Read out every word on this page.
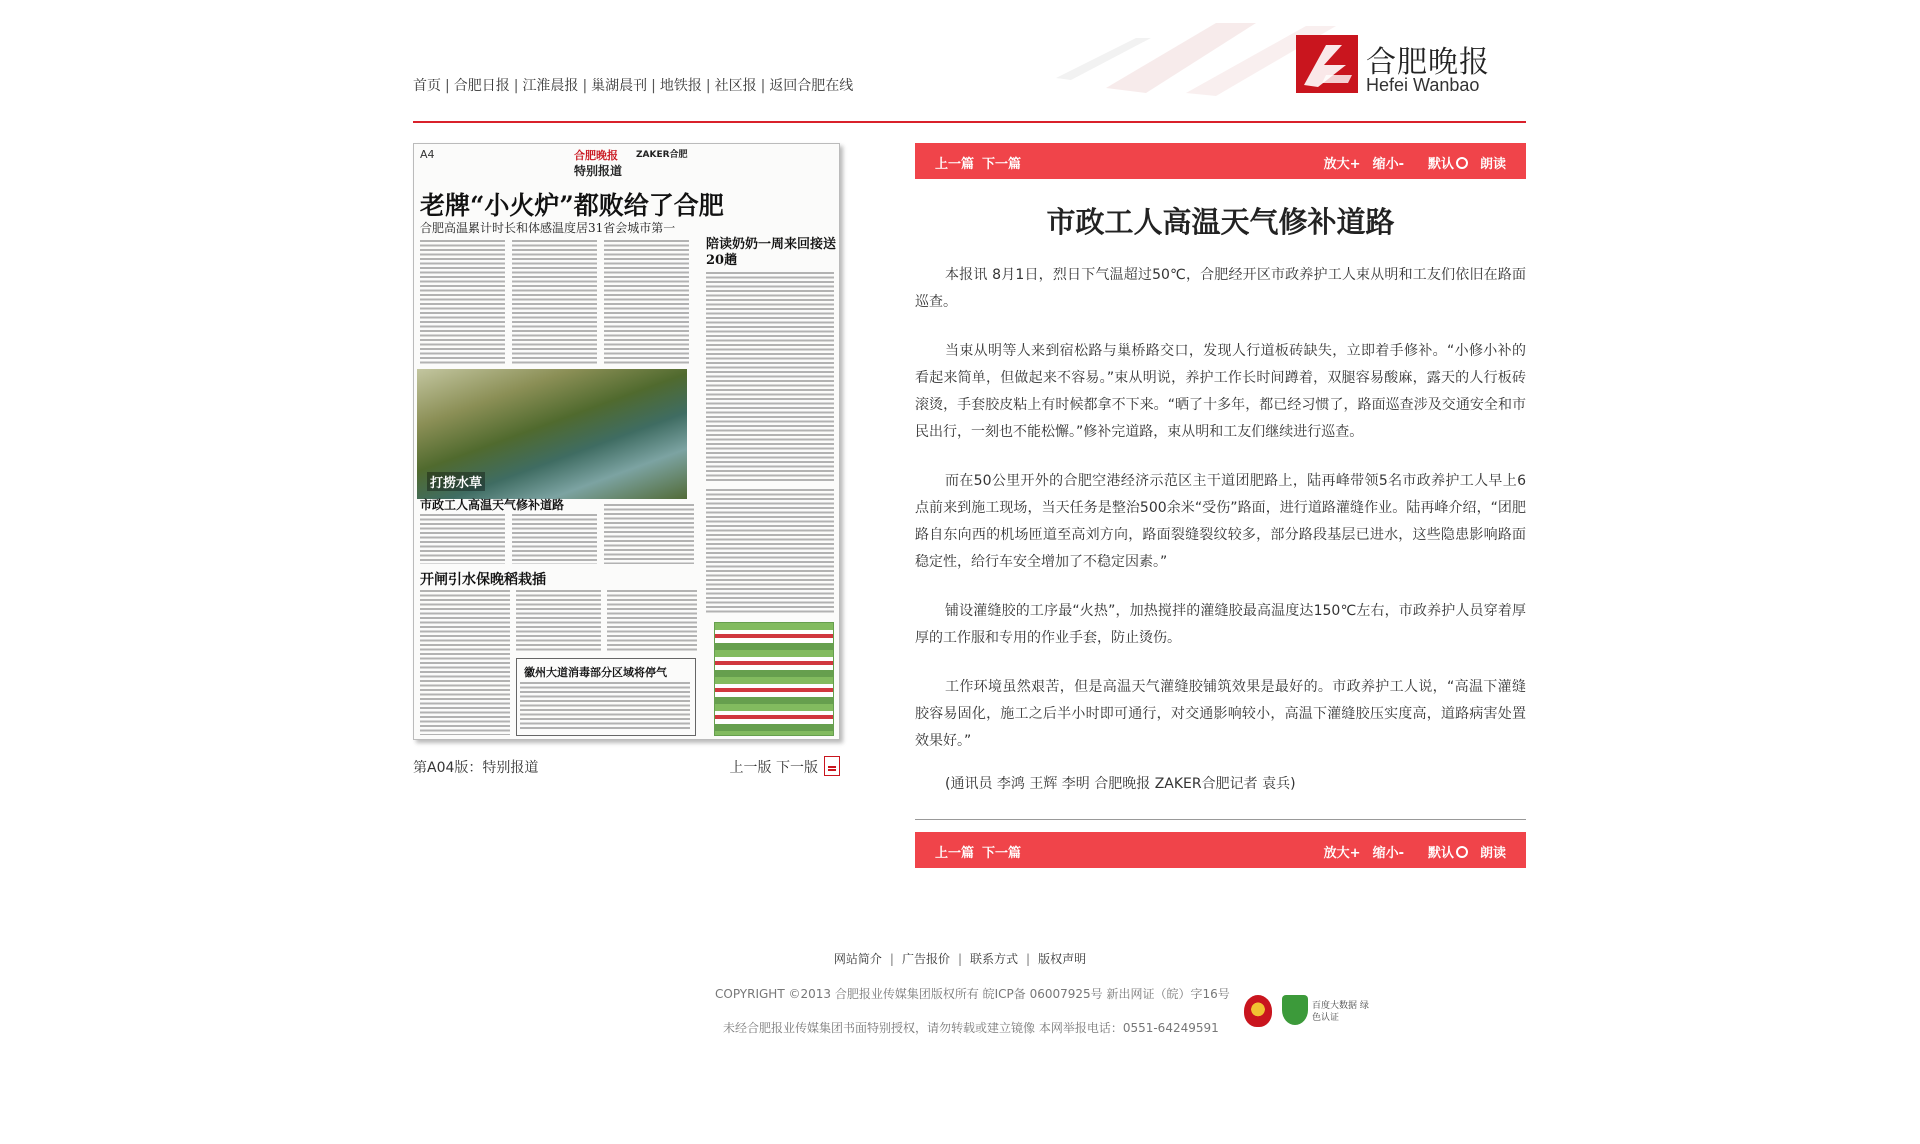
首页 | 合肥日报 | 江淮晨报 | 巢湖晨刊 | 地铁报 | 社区报 | 返回合肥在线
合肥晚报
Hefei Wanbao
A4	合肥晚报 ZAKER合肥
特别报道
老牌“小火炉”都败给了合肥
合肥高温累计时长和体感温度居31省会城市第一
陪读奶奶一周来回接送20趟
打捞水草
市政工人高温天气修补道路
开闸引水保晚稻栽插
徽州大道消毒部分区域将停气
第A04版：特别报道	上一版 下一版
上一篇 下一篇	放大+ 缩小- 默认 朗读
市政工人高温天气修补道路

本报讯 8月1日，烈日下气温超过50℃，合肥经开区市政养护工人束从明和工友们依旧在路面巡查。

当束从明等人来到宿松路与巢桥路交口，发现人行道板砖缺失，立即着手修补。“小修小补的看起来简单，但做起来不容易。”束从明说，养护工作长时间蹲着，双腿容易酸麻，露天的人行板砖滚烫，手套胶皮粘上有时候都拿不下来。“晒了十多年，都已经习惯了，路面巡查涉及交通安全和市民出行，一刻也不能松懈。”修补完道路，束从明和工友们继续进行巡查。

而在50公里开外的合肥空港经济示范区主干道团肥路上，陆再峰带领5名市政养护工人早上6点前来到施工现场，当天任务是整治500余米“受伤”路面，进行道路灌缝作业。陆再峰介绍，“团肥路自东向西的机场匝道至高刘方向，路面裂缝裂纹较多，部分路段基层已进水，这些隐患影响路面稳定性，给行车安全增加了不稳定因素。”

铺设灌缝胶的工序最“火热”，加热搅拌的灌缝胶最高温度达150℃左右，市政养护人员穿着厚厚的工作服和专用的作业手套，防止烫伤。

工作环境虽然艰苦，但是高温天气灌缝胶铺筑效果是最好的。市政养护工人说，“高温下灌缝胶容易固化，施工之后半小时即可通行，对交通影响较小，高温下灌缝胶压实度高，道路病害处置效果好。”

(通讯员 李鸿 王辉 李明 合肥晚报 ZAKER合肥记者 袁兵)

上一篇 下一篇	放大+ 缩小- 默认 朗读
网站简介 | 广告报价 | 联系方式 | 版权声明
COPYRIGHT ©2013 合肥报业传媒集团版权所有 皖ICP备 06007925号 新出网证（皖）字16号
未经合肥报业传媒集团书面特别授权，请勿转载或建立镜像 本网举报电话：0551-64249591
百度大数据 绿色认证
